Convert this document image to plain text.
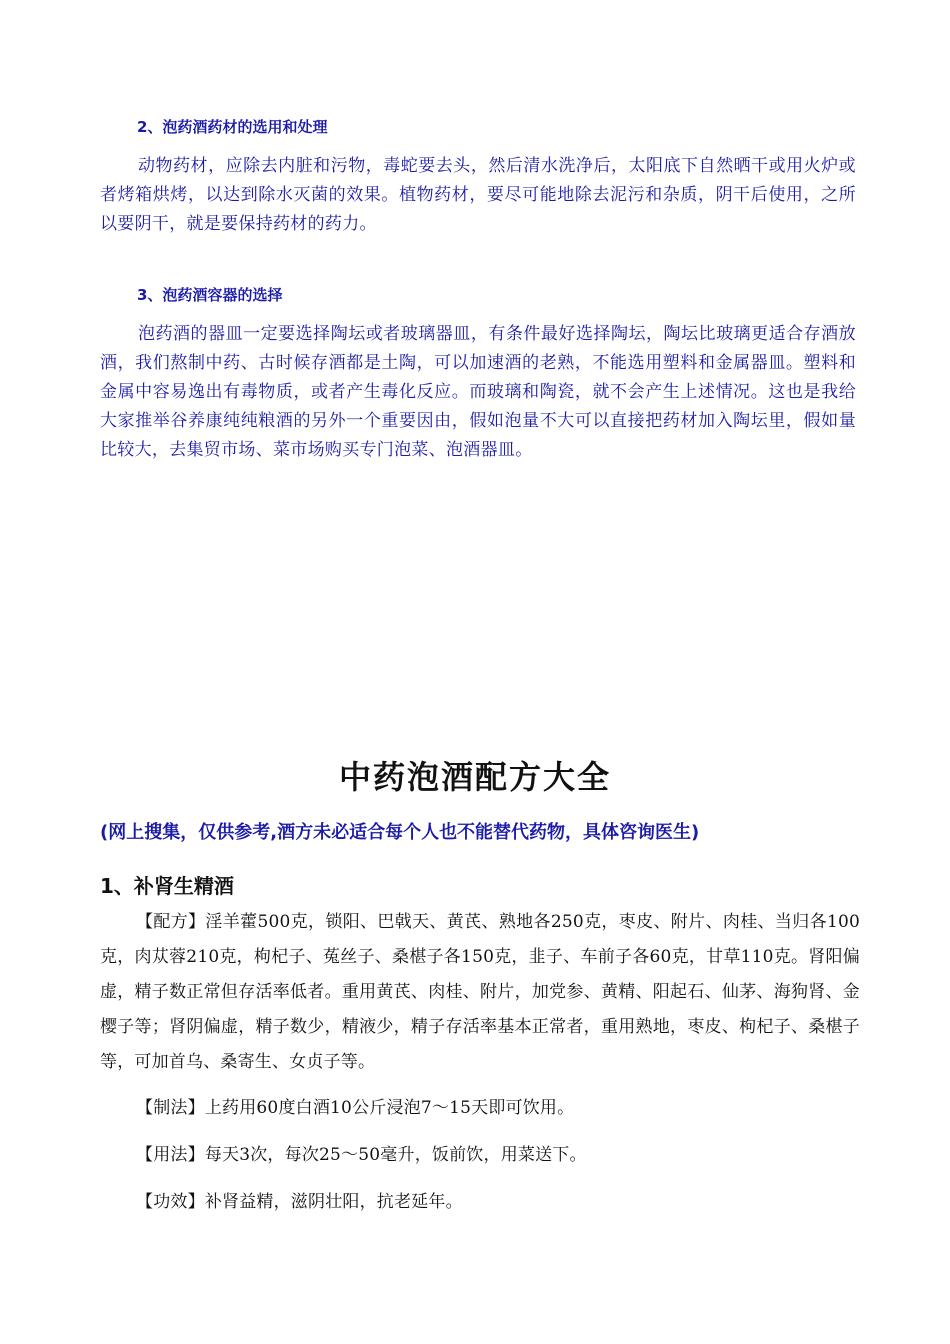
2、泡药酒药材的选用和处理

动物药材，应除去内脏和污物，毒蛇要去头，然后清水洗净后，太阳底下自然晒干或用火炉或者烤箱烘烤，以达到除水灭菌的效果。植物药材，要尽可能地除去泥污和杂质，阴干后使用，之所以要阴干，就是要保持药材的药力。

3、泡药酒容器的选择

泡药酒的器皿一定要选择陶坛或者玻璃器皿，有条件最好选择陶坛，陶坛比玻璃更适合存酒放酒，我们熬制中药、古时候存酒都是土陶，可以加速酒的老熟，不能选用塑料和金属器皿。塑料和金属中容易逸出有毒物质，或者产生毒化反应。而玻璃和陶瓷，就不会产生上述情况。这也是我给大家推举谷养康纯纯粮酒的另外一个重要因由，假如泡量不大可以直接把药材加入陶坛里，假如量比较大，去集贸市场、菜市场购买专门泡菜、泡酒器皿。

中药泡酒配方大全

(网上搜集，仅供参考,酒方未必适合每个人也不能替代药物，具体咨询医生)

1、补肾生精酒

【配方】淫羊藿500克，锁阳、巴戟天、黄芪、熟地各250克，枣皮、附片、肉桂、当归各100克，肉苁蓉210克，枸杞子、菟丝子、桑椹子各150克，韭子、车前子各60克，甘草110克。肾阳偏虚，精子数正常但存活率低者。重用黄芪、肉桂、附片，加党参、黄精、阳起石、仙茅、海狗肾、金樱子等；肾阴偏虚，精子数少，精液少，精子存活率基本正常者，重用熟地，枣皮、枸杞子、桑椹子等，可加首乌、桑寄生、女贞子等。

【制法】上药用60度白酒10公斤浸泡7～15天即可饮用。

【用法】每天3次，每次25～50毫升，饭前饮，用菜送下。

【功效】补肾益精，滋阴壮阳，抗老延年。
